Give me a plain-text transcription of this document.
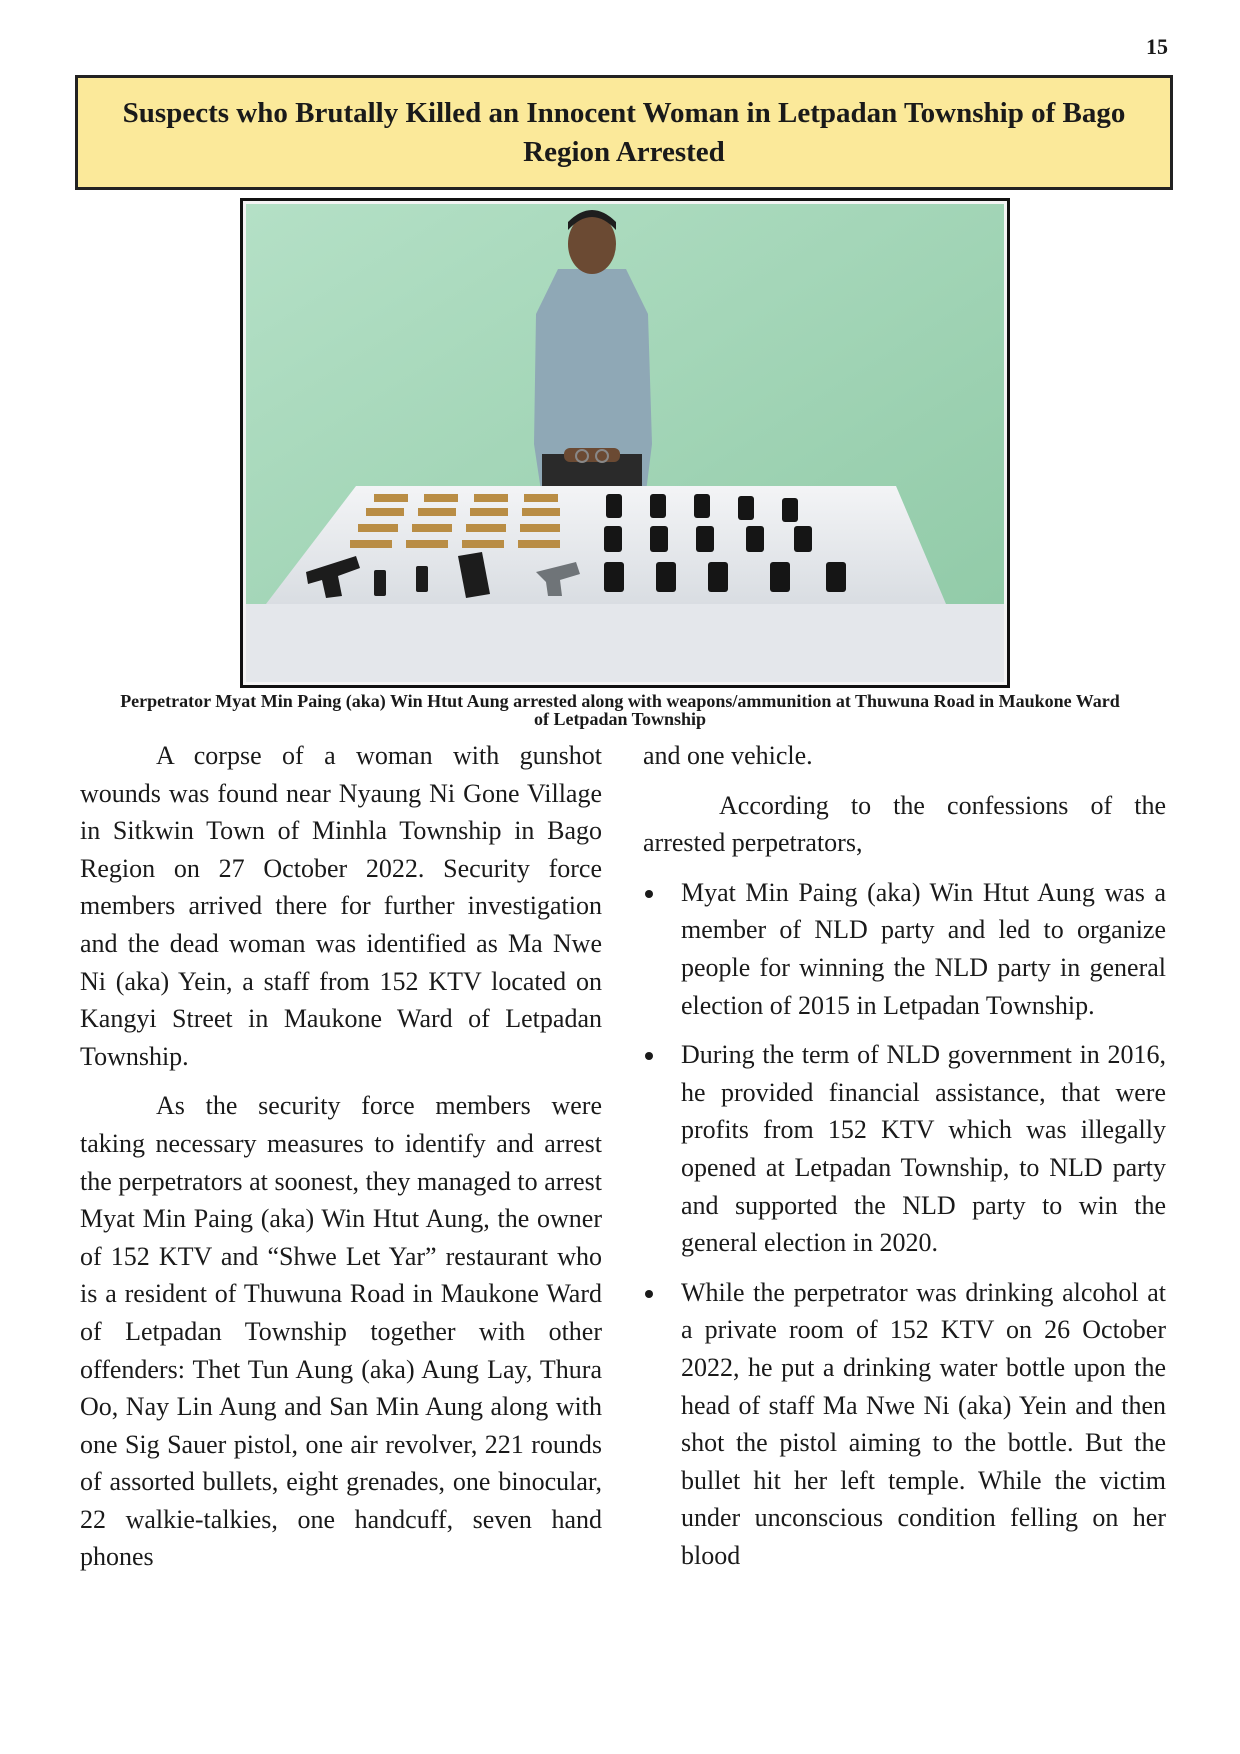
15
Suspects who Brutally Killed an Innocent Woman in Letpadan Township of Bago Region Arrested
Perpetrator Myat Min Paing (aka) Win Htut Aung arrested along with weapons/ammunition at Thuwuna Road in Maukone Ward of Letpadan Township

A corpse of a woman with gunshot wounds was found near Nyaung Ni Gone Village in Sitkwin Town of Minhla Township in Bago Region on 27 October 2022. Security force members arrived there for further investigation and the dead woman was identified as Ma Nwe Ni (aka) Yein, a staff from 152 KTV located on Kangyi Street in Maukone Ward of Letpadan Township.

As the security force members were taking necessary measures to identify and arrest the perpetrators at soonest, they managed to arrest Myat Min Paing (aka) Win Htut Aung, the owner of 152 KTV and “Shwe Let Yar” restaurant who is a resident of Thuwuna Road in Maukone Ward of Letpadan Township together with other offenders: Thet Tun Aung (aka) Aung Lay, Thura Oo, Nay Lin Aung and San Min Aung along with one Sig Sauer pistol, one air revolver, 221 rounds of assorted bullets, eight grenades, one binocular, 22 walkie-talkies, one handcuff, seven hand phones

and one vehicle.

According to the confessions of the arrested perpetrators,

Myat Min Paing (aka) Win Htut Aung was a member of NLD party and led to organize people for winning the NLD party in general election of 2015 in Letpadan Township.
During the term of NLD government in 2016, he provided financial assistance, that were profits from 152 KTV which was illegally opened at Letpadan Township, to NLD party and supported the NLD party to win the general election in 2020.
While the perpetrator was drinking alcohol at a private room of 152 KTV on 26 October 2022, he put a drinking water bottle upon the head of staff Ma Nwe Ni (aka) Yein and then shot the pistol aiming to the bottle. But the bullet hit her left temple. While the victim under unconscious condition felling on her blood
